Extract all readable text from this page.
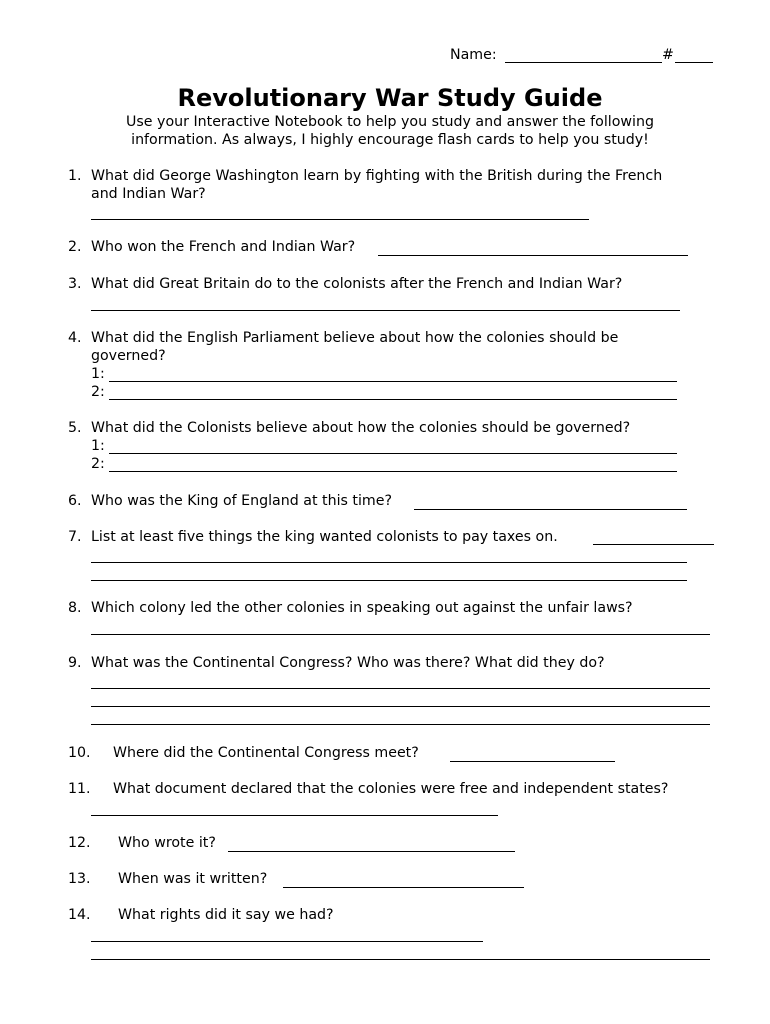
Name:	#
Revolutionary War Study Guide
Use your Interactive Notebook to help you study and answer the following
information. As always, I highly encourage flash cards to help you study!
1. What did George Washington learn by fighting with the British during the French
and Indian War?
2. Who won the French and Indian War?
3. What did Great Britain do to the colonists after the French and Indian War?
4. What did the English Parliament believe about how the colonies should be
governed?
1:
2:
5. What did the Colonists believe about how the colonies should be governed?
1:
2:
6. Who was the King of England at this time?
7. List at least five things the king wanted colonists to pay taxes on.
8. Which colony led the other colonies in speaking out against the unfair laws?
9. What was the Continental Congress? Who was there? What did they do?
10. Where did the Continental Congress meet?
11. What document declared that the colonies were free and independent states?
12. Who wrote it?
13. When was it written?
14. What rights did it say we had?
